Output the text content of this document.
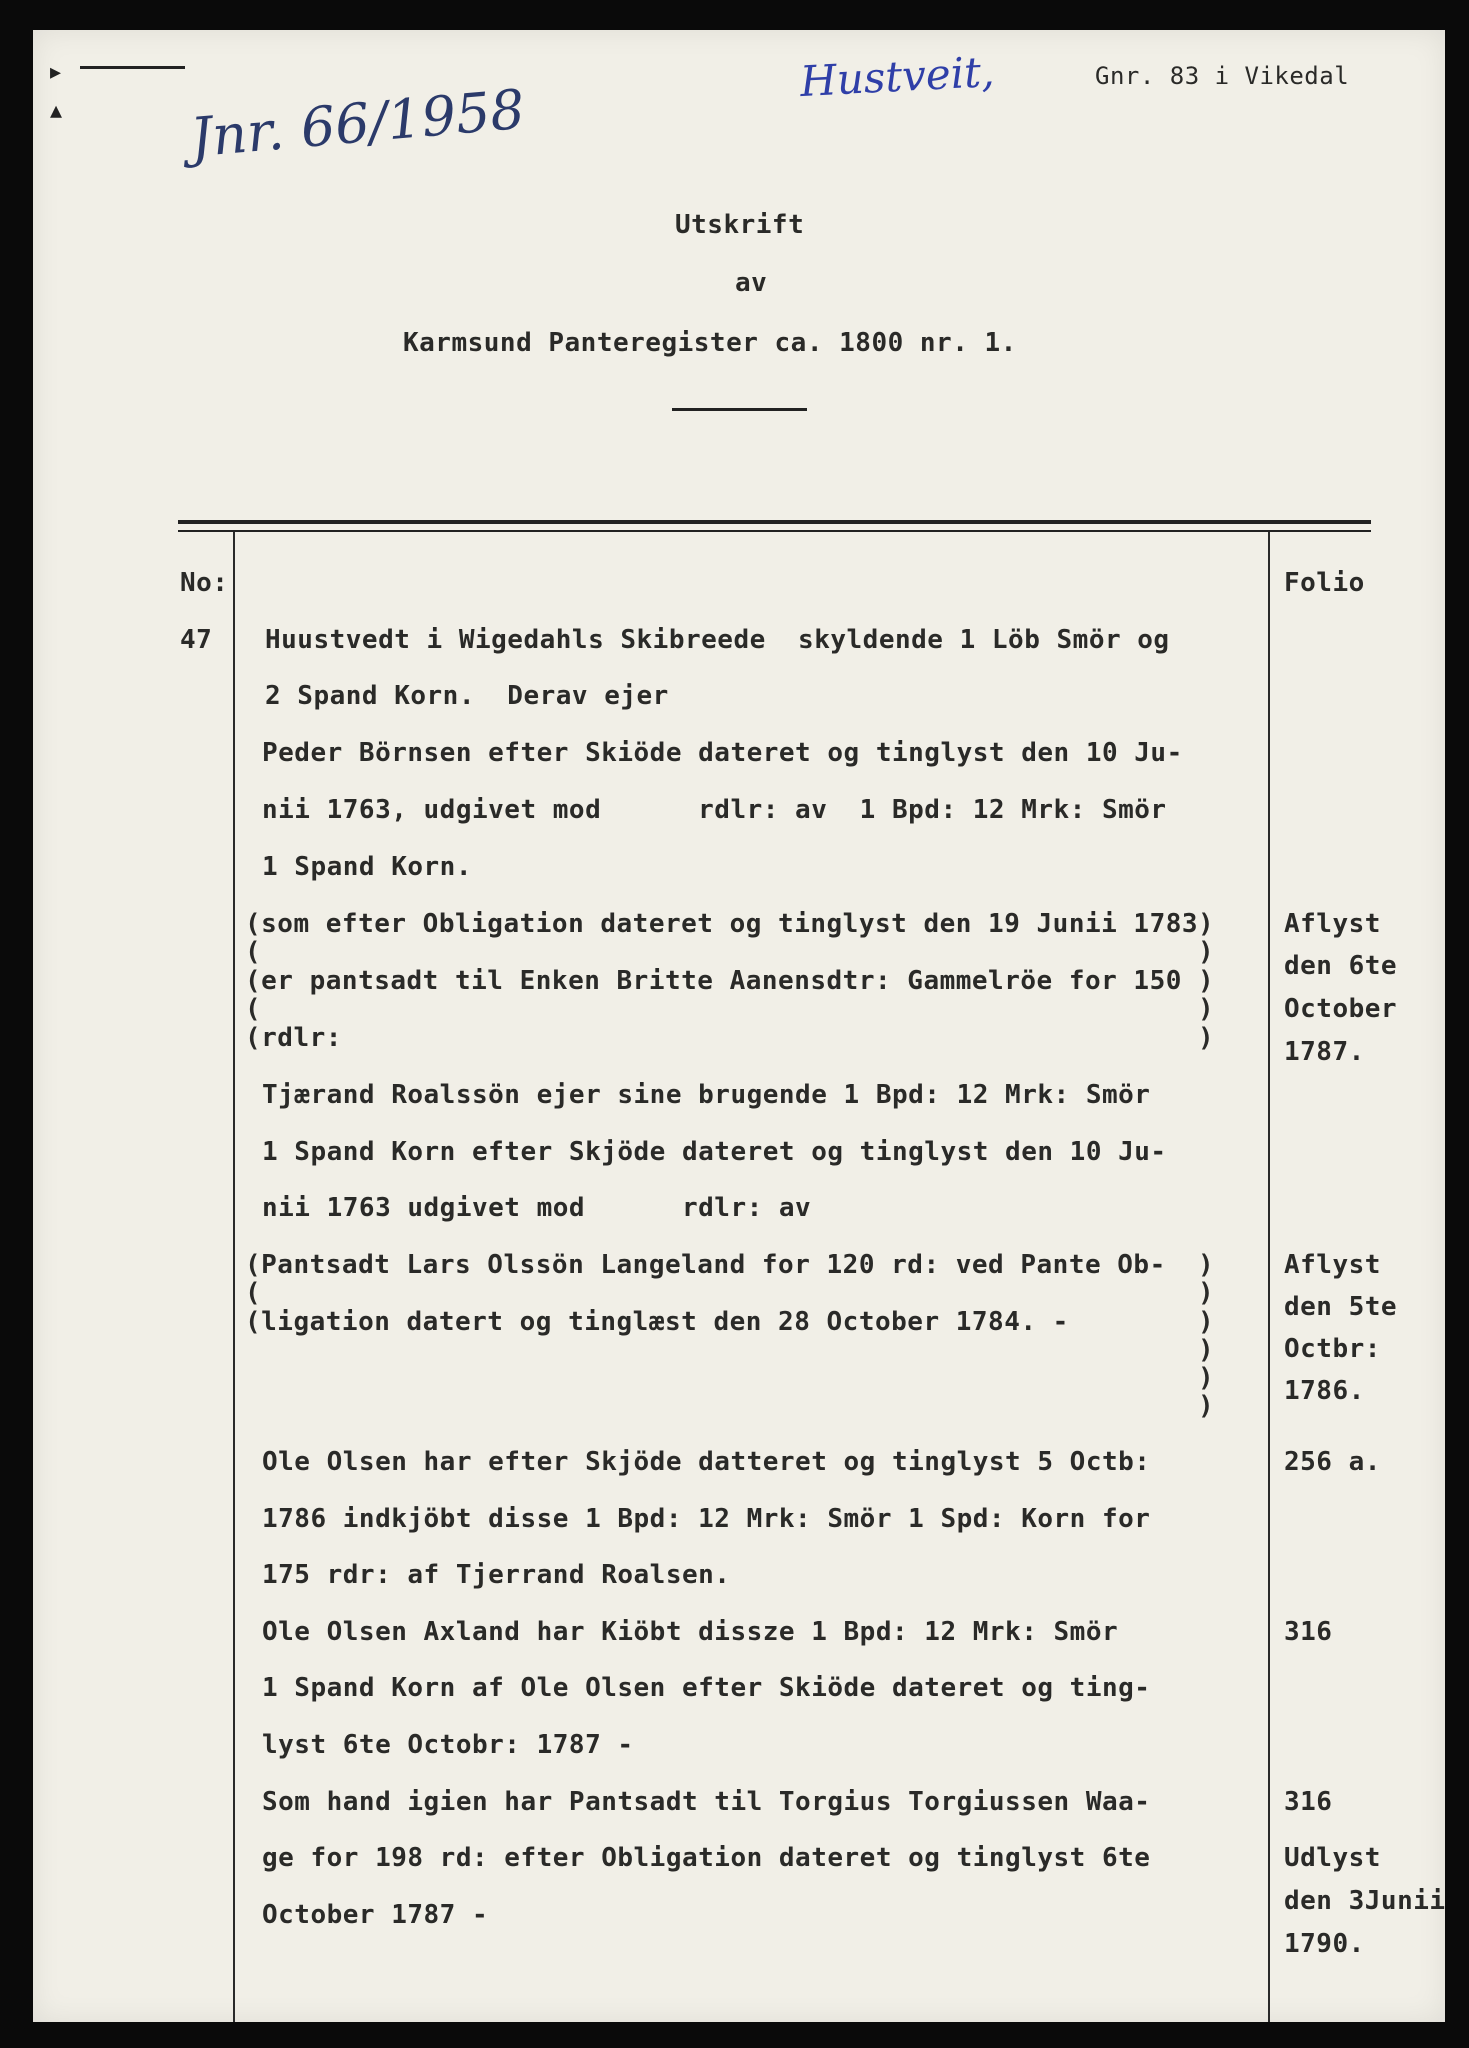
▸
▴ Jnr. 66/1958
Hustveit,	Gnr. 83 i Vikedal
Utskrift
av
Karmsund Panteregister ca. 1800 nr. 1.
No:	Folio
47 Huustvedt i Wigedahls Skibreede  skyldende 1 Löb Smör og
2 Spand Korn.  Derav ejer
Peder Börnsen efter Skiöde dateret og tinglyst den 10 Ju-
nii 1763, udgivet mod      rdlr: av  1 Bpd: 12 Mrk: Smör
1 Spand Korn.
(som efter Obligation dateret og tinglyst den 19 Junii 1783)
(                                                          )
(er pantsadt til Enken Britte Aanensdtr: Gammelröe for 150 )
(                                                          )
(rdlr:                                                     )
Tjærand Roalssön ejer sine brugende 1 Bpd: 12 Mrk: Smör
1 Spand Korn efter Skjöde dateret og tinglyst den 10 Ju-
nii 1763 udgivet mod      rdlr: av
(Pantsadt Lars Olssön Langeland for 120 rd: ved Pante Ob-  )
(                                                          )
(ligation datert og tinglæst den 28 October 1784. -        )
)
)
)
Ole Olsen har efter Skjöde datteret og tinglyst 5 Octb:
1786 indkjöbt disse 1 Bpd: 12 Mrk: Smör 1 Spd: Korn for
175 rdr: af Tjerrand Roalsen.
Ole Olsen Axland har Kiöbt dissze 1 Bpd: 12 Mrk: Smör
1 Spand Korn af Ole Olsen efter Skiöde dateret og ting-
lyst 6te Octobr: 1787 -
Som hand igien har Pantsadt til Torgius Torgiussen Waa-
ge for 198 rd: efter Obligation dateret og tinglyst 6te
October 1787 -
Aflyst
den 6te
October
1787.
Aflyst
den 5te
Octbr:
1786.
256 a.
316
316
Udlyst
den 3Junii
1790.
